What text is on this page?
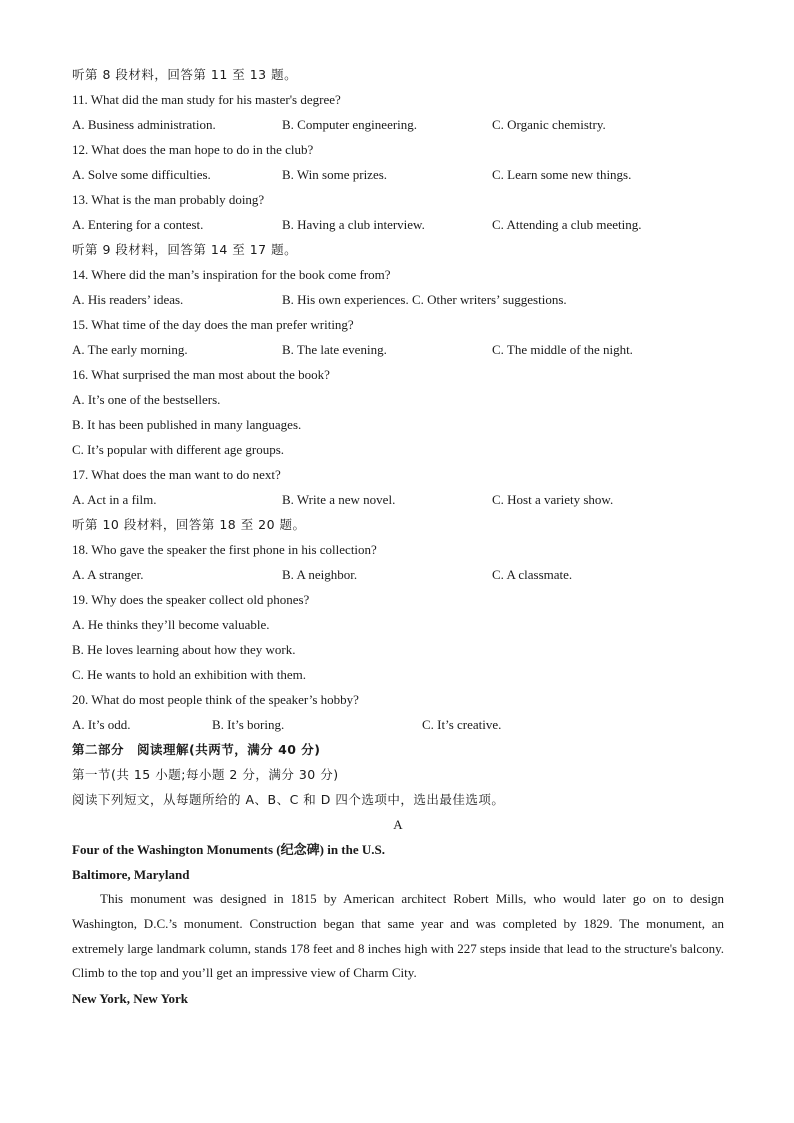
听第 8 段材料，回答第 11 至 13 题。
11. What did the man study for his master's degree?
A. Business administration.	B. Computer engineering.	C. Organic chemistry.
12. What does the man hope to do in the club?
A. Solve some difficulties.	B. Win some prizes.	C. Learn some new things.
13. What is the man probably doing?
A. Entering for a contest.	B. Having a club interview.	C. Attending a club meeting.
听第 9 段材料，回答第 14 至 17 题。
14. Where did the man’s inspiration for the book come from?
A. His readers’ ideas.	B. His own experiences. C. Other writers’ suggestions.
15. What time of the day does the man prefer writing?
A. The early morning.	B. The late evening.	C. The middle of the night.
16. What surprised the man most about the book?
A. It’s one of the bestsellers.
B. It has been published in many languages.
C. It’s popular with different age groups.
17. What does the man want to do next?
A. Act in a film.	B. Write a new novel.	C. Host a variety show.
听第 10 段材料，回答第 18 至 20 题。
18. Who gave the speaker the first phone in his collection?
A. A stranger.	B. A neighbor.	C. A classmate.
19. Why does the speaker collect old phones?
A. He thinks they’ll become valuable.
B. He loves learning about how they work.
C. He wants to hold an exhibition with them.
20. What do most people think of the speaker’s hobby?
A. It’s odd.	B. It’s boring.	C. It’s creative.
第二部分　阅读理解(共两节，满分 40 分)
第一节(共 15 小题;每小题 2 分，满分 30 分)
阅读下列短文，从每题所给的 A、B、C 和 D 四个选项中，选出最佳选项。
A
Four of the Washington Monuments (纪念碑) in the U.S.
Baltimore, Maryland

This monument was designed in 1815 by American architect Robert Mills, who would later go on to design Washington, D.C.’s monument. Construction began that same year and was completed by 1829. The monument, an extremely large landmark column, stands 178 feet and 8 inches high with 227 steps inside that lead to the structure's balcony. Climb to the top and you’ll get an impressive view of Charm City.

New York, New York
